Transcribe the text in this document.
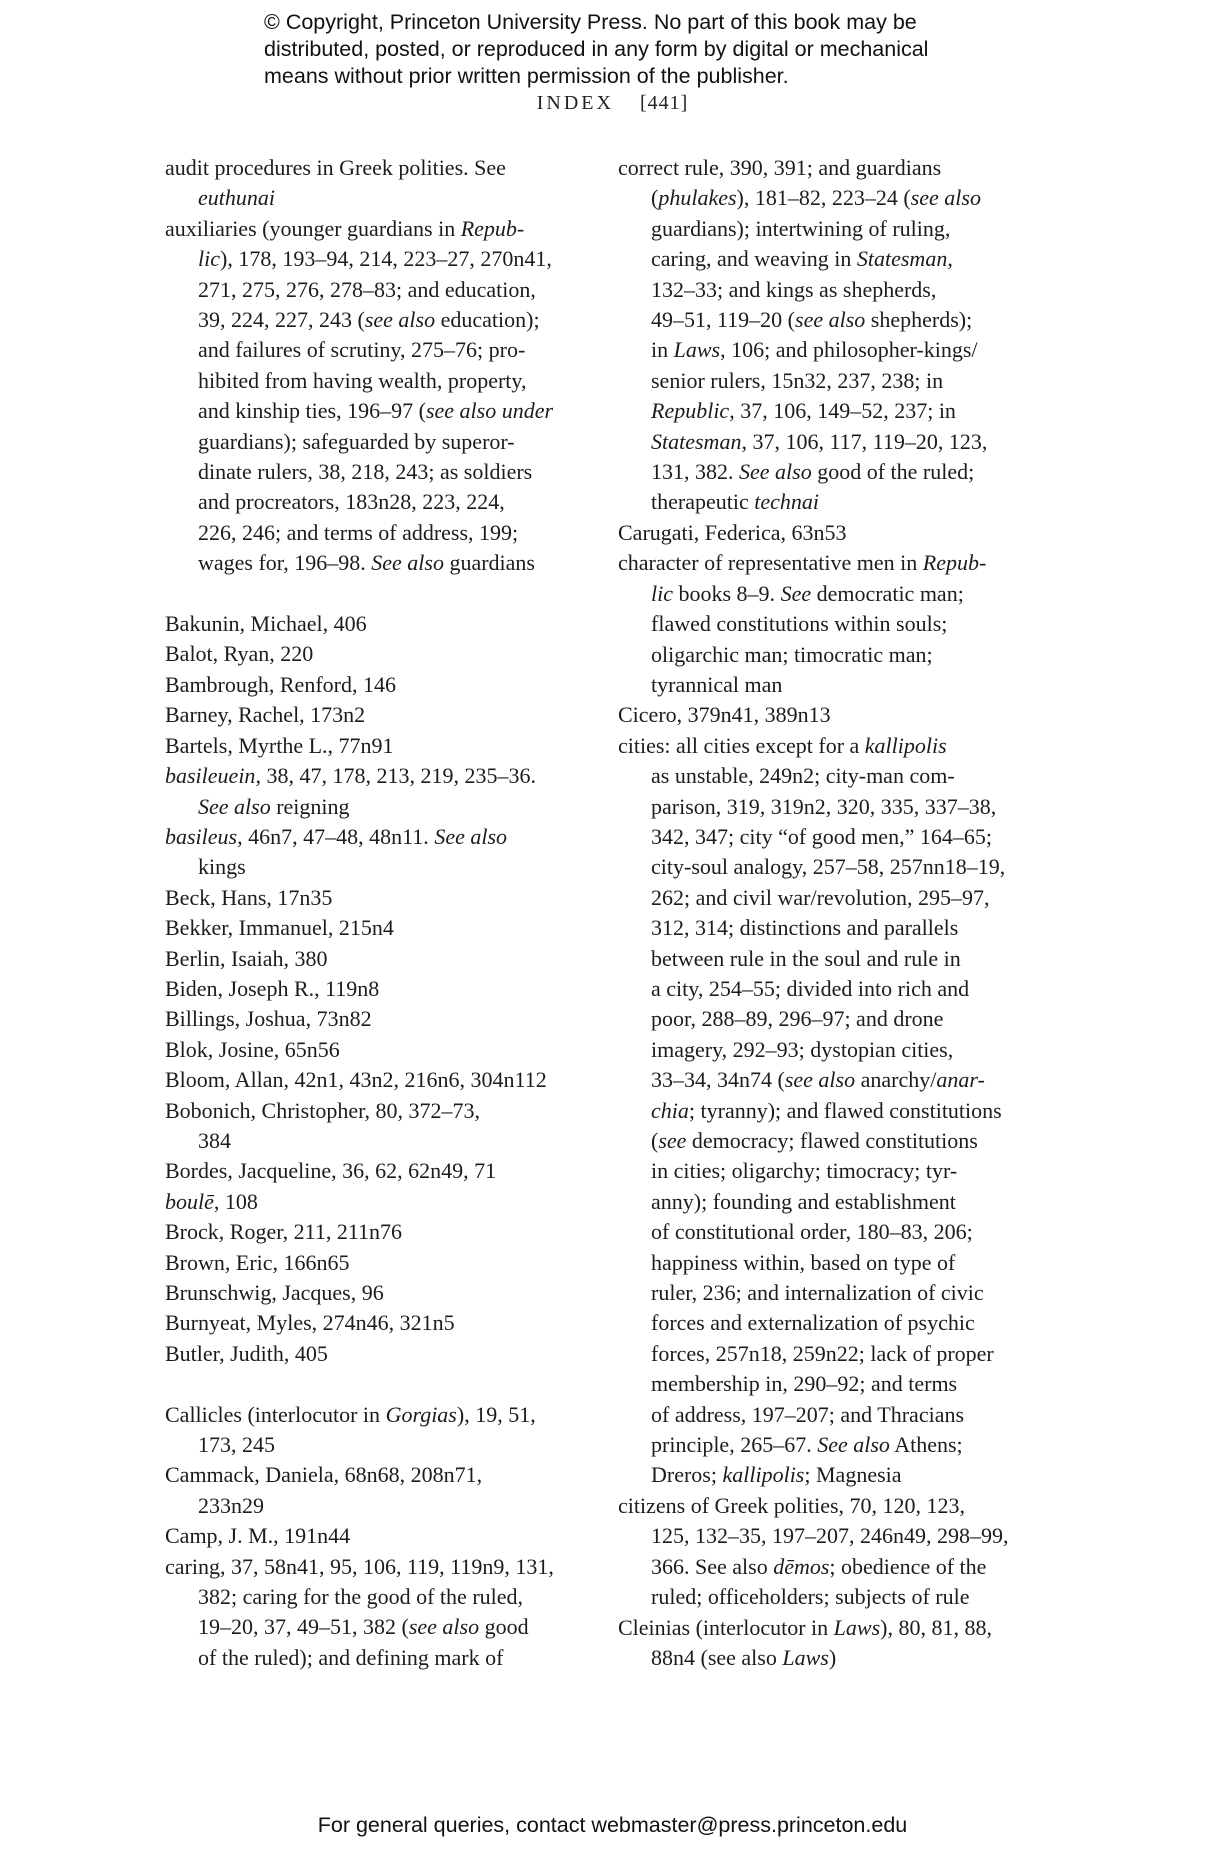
© Copyright, Princeton University Press. No part of this book may be
distributed, posted, or reproduced in any form by digital or mechanical
means without prior written permission of the publisher.
INDEX [441]
audit procedures in Greek polities. See
euthunai
auxiliaries (younger guardians in Repub-
lic), 178, 193–94, 214, 223–27, 270n41,
271, 275, 276, 278–83; and education,
39, 224, 227, 243 (see also education);
and failures of scrutiny, 275–76; pro-
hibited from having wealth, property,
and kinship ties, 196–97 (see also under
guardians); safeguarded by superor-
dinate rulers, 38, 218, 243; as soldiers
and procreators, 183n28, 223, 224,
226, 246; and terms of address, 199;
wages for, 196–98. See also guardians
Bakunin, Michael, 406
Balot, Ryan, 220
Bambrough, Renford, 146
Barney, Rachel, 173n2
Bartels, Myrthe L., 77n91
basileuein, 38, 47, 178, 213, 219, 235–36.
See also reigning
basileus, 46n7, 47–48, 48n11. See also
kings
Beck, Hans, 17n35
Bekker, Immanuel, 215n4
Berlin, Isaiah, 380
Biden, Joseph R., 119n8
Billings, Joshua, 73n82
Blok, Josine, 65n56
Bloom, Allan, 42n1, 43n2, 216n6, 304n112
Bobonich, Christopher, 80, 372–73,
384
Bordes, Jacqueline, 36, 62, 62n49, 71
boulē, 108
Brock, Roger, 211, 211n76
Brown, Eric, 166n65
Brunschwig, Jacques, 96
Burnyeat, Myles, 274n46, 321n5
Butler, Judith, 405
Callicles (interlocutor in Gorgias), 19, 51,
173, 245
Cammack, Daniela, 68n68, 208n71,
233n29
Camp, J. M., 191n44
caring, 37, 58n41, 95, 106, 119, 119n9, 131,
382; caring for the good of the ruled,
19–20, 37, 49–51, 382 (see also good
of the ruled); and defining mark of
correct rule, 390, 391; and guardians
(phulakes), 181–82, 223–24 (see also
guardians); intertwining of ruling,
caring, and weaving in Statesman,
132–33; and kings as shepherds,
49–51, 119–20 (see also shepherds);
in Laws, 106; and philosopher-kings/
senior rulers, 15n32, 237, 238; in
Republic, 37, 106, 149–52, 237; in
Statesman, 37, 106, 117, 119–20, 123,
131, 382. See also good of the ruled;
therapeutic technai
Carugati, Federica, 63n53
character of representative men in Repub-
lic books 8–9. See democratic man;
flawed constitutions within souls;
oligarchic man; timocratic man;
tyrannical man
Cicero, 379n41, 389n13
cities: all cities except for a kallipolis
as unstable, 249n2; city-man com-
parison, 319, 319n2, 320, 335, 337–38,
342, 347; city “of good men,” 164–65;
city-soul analogy, 257–58, 257nn18–19,
262; and civil war/revolution, 295–97,
312, 314; distinctions and parallels
between rule in the soul and rule in
a city, 254–55; divided into rich and
poor, 288–89, 296–97; and drone
imagery, 292–93; dystopian cities,
33–34, 34n74 (see also anarchy/anar-
chia; tyranny); and flawed constitutions
(see democracy; flawed constitutions
in cities; oligarchy; timocracy; tyr-
anny); founding and establishment
of constitutional order, 180–83, 206;
happiness within, based on type of
ruler, 236; and internalization of civic
forces and externalization of psychic
forces, 257n18, 259n22; lack of proper
membership in, 290–92; and terms
of address, 197–207; and Thracians
principle, 265–67. See also Athens;
Dreros; kallipolis; Magnesia
citizens of Greek polities, 70, 120, 123,
125, 132–35, 197–207, 246n49, 298–99,
366. See also dēmos; obedience of the
ruled; officeholders; subjects of rule
Cleinias (interlocutor in Laws), 80, 81, 88,
88n4 (see also Laws)
For general queries, contact webmaster@press.princeton.edu
